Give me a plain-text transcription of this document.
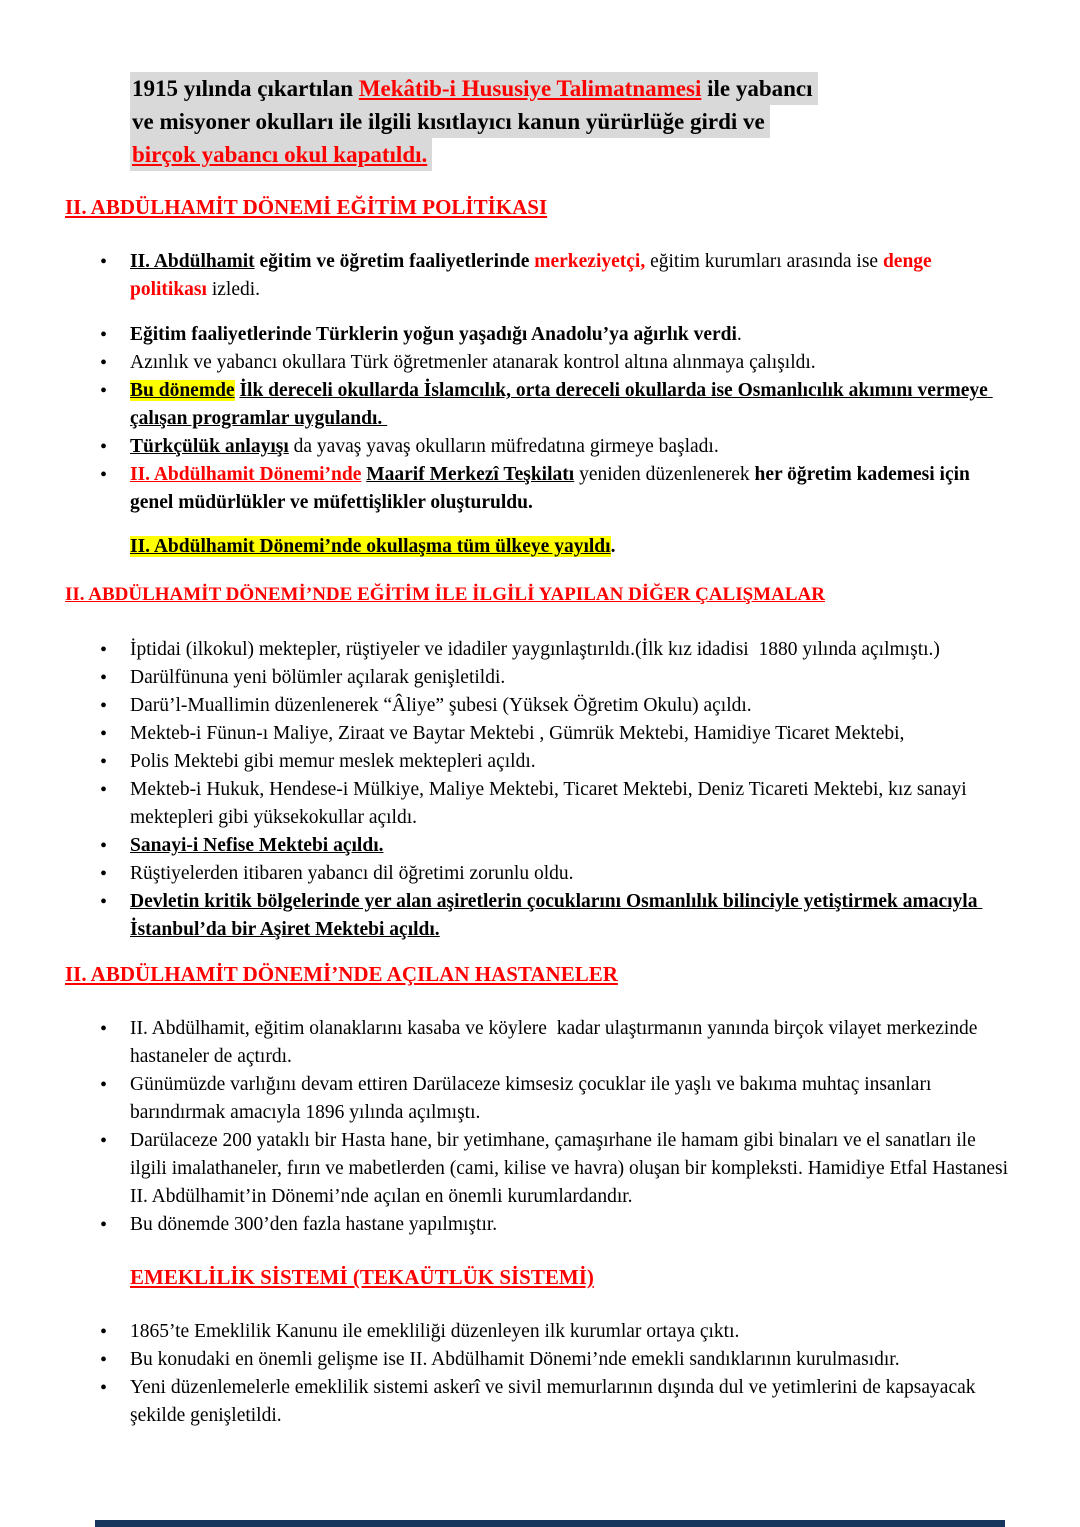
1915 yılında çıkartılan Mekâtib-i Hususiye Talimatnamesi ile yabancı
ve misyoner okulları ile ilgili kısıtlayıcı kanun yürürlüğe girdi ve
birçok yabancı okul kapatıldı.
II. ABDÜLHAMİT DÖNEMİ EĞİTİM POLİTİKASI
• II. Abdülhamit eğitim ve öğretim faaliyetlerinde merkeziyetçi, eğitim kurumları arasında ise denge politikası izledi.
• Eğitim faaliyetlerinde Türklerin yoğun yaşadığı Anadolu’ya ağırlık verdi.
• Azınlık ve yabancı okullara Türk öğretmenler atanarak kontrol altına alınmaya çalışıldı.
• Bu dönemde İlk dereceli okullarda İslamcılık, orta dereceli okullarda ise Osmanlıcılık akımını vermeye çalışan programlar uygulandı.
• Türkçülük anlayışı da yavaş yavaş okulların müfredatına girmeye başladı.
• II. Abdülhamit Dönemi’nde Maarif Merkezî Teşkilatı yeniden düzenlenerek her öğretim kademesi için genel müdürlükler ve müfettişlikler oluşturuldu.
II. Abdülhamit Dönemi’nde okullaşma tüm ülkeye yayıldı.
II. ABDÜLHAMİT DÖNEMİ’NDE EĞİTİM İLE İLGİLİ YAPILAN DİĞER ÇALIŞMALAR
• İptidai (ilkokul) mektepler, rüştiyeler ve idadiler yaygınlaştırıldı.(İlk kız idadisi  1880 yılında açılmıştı.)
• Darülfünuna yeni bölümler açılarak genişletildi.
• Darü’l-Muallimin düzenlenerek “Âliye” şubesi (Yüksek Öğretim Okulu) açıldı.
• Mekteb-i Fünun-ı Maliye, Ziraat ve Baytar Mektebi , Gümrük Mektebi, Hamidiye Ticaret Mektebi,
• Polis Mektebi gibi memur meslek mektepleri açıldı.
• Mekteb-i Hukuk, Hendese-i Mülkiye, Maliye Mektebi, Ticaret Mektebi, Deniz Ticareti Mektebi, kız sanayi mektepleri gibi yüksekokullar açıldı.
• Sanayi-i Nefise Mektebi açıldı.
• Rüştiyelerden itibaren yabancı dil öğretimi zorunlu oldu.
• Devletin kritik bölgelerinde yer alan aşiretlerin çocuklarını Osmanlılık bilinciyle yetiştirmek amacıyla İstanbul’da bir Aşiret Mektebi açıldı.
II. ABDÜLHAMİT DÖNEMİ’NDE AÇILAN HASTANELER
• II. Abdülhamit, eğitim olanaklarını kasaba ve köylere  kadar ulaştırmanın yanında birçok vilayet merkezinde hastaneler de açtırdı.
• Günümüzde varlığını devam ettiren Darülaceze kimsesiz çocuklar ile yaşlı ve bakıma muhtaç insanları barındırmak amacıyla 1896 yılında açılmıştı.
• Darülaceze 200 yataklı bir Hasta hane, bir yetimhane, çamaşırhane ile hamam gibi binaları ve el sanatları ile ilgili imalathaneler, fırın ve mabetlerden (cami, kilise ve havra) oluşan bir kompleksti. Hamidiye Etfal Hastanesi II. Abdülhamit’in Dönemi’nde açılan en önemli kurumlardandır.
• Bu dönemde 300’den fazla hastane yapılmıştır.
EMEKLİLİK SİSTEMİ (TEKAÜTLÜK SİSTEMİ)
• 1865’te Emeklilik Kanunu ile emekliliği düzenleyen ilk kurumlar ortaya çıktı.
• Bu konudaki en önemli gelişme ise II. Abdülhamit Dönemi’nde emekli sandıklarının kurulmasıdır.
• Yeni düzenlemelerle emeklilik sistemi askerî ve sivil memurlarının dışında dul ve yetimlerini de kapsayacak şekilde genişletildi.
